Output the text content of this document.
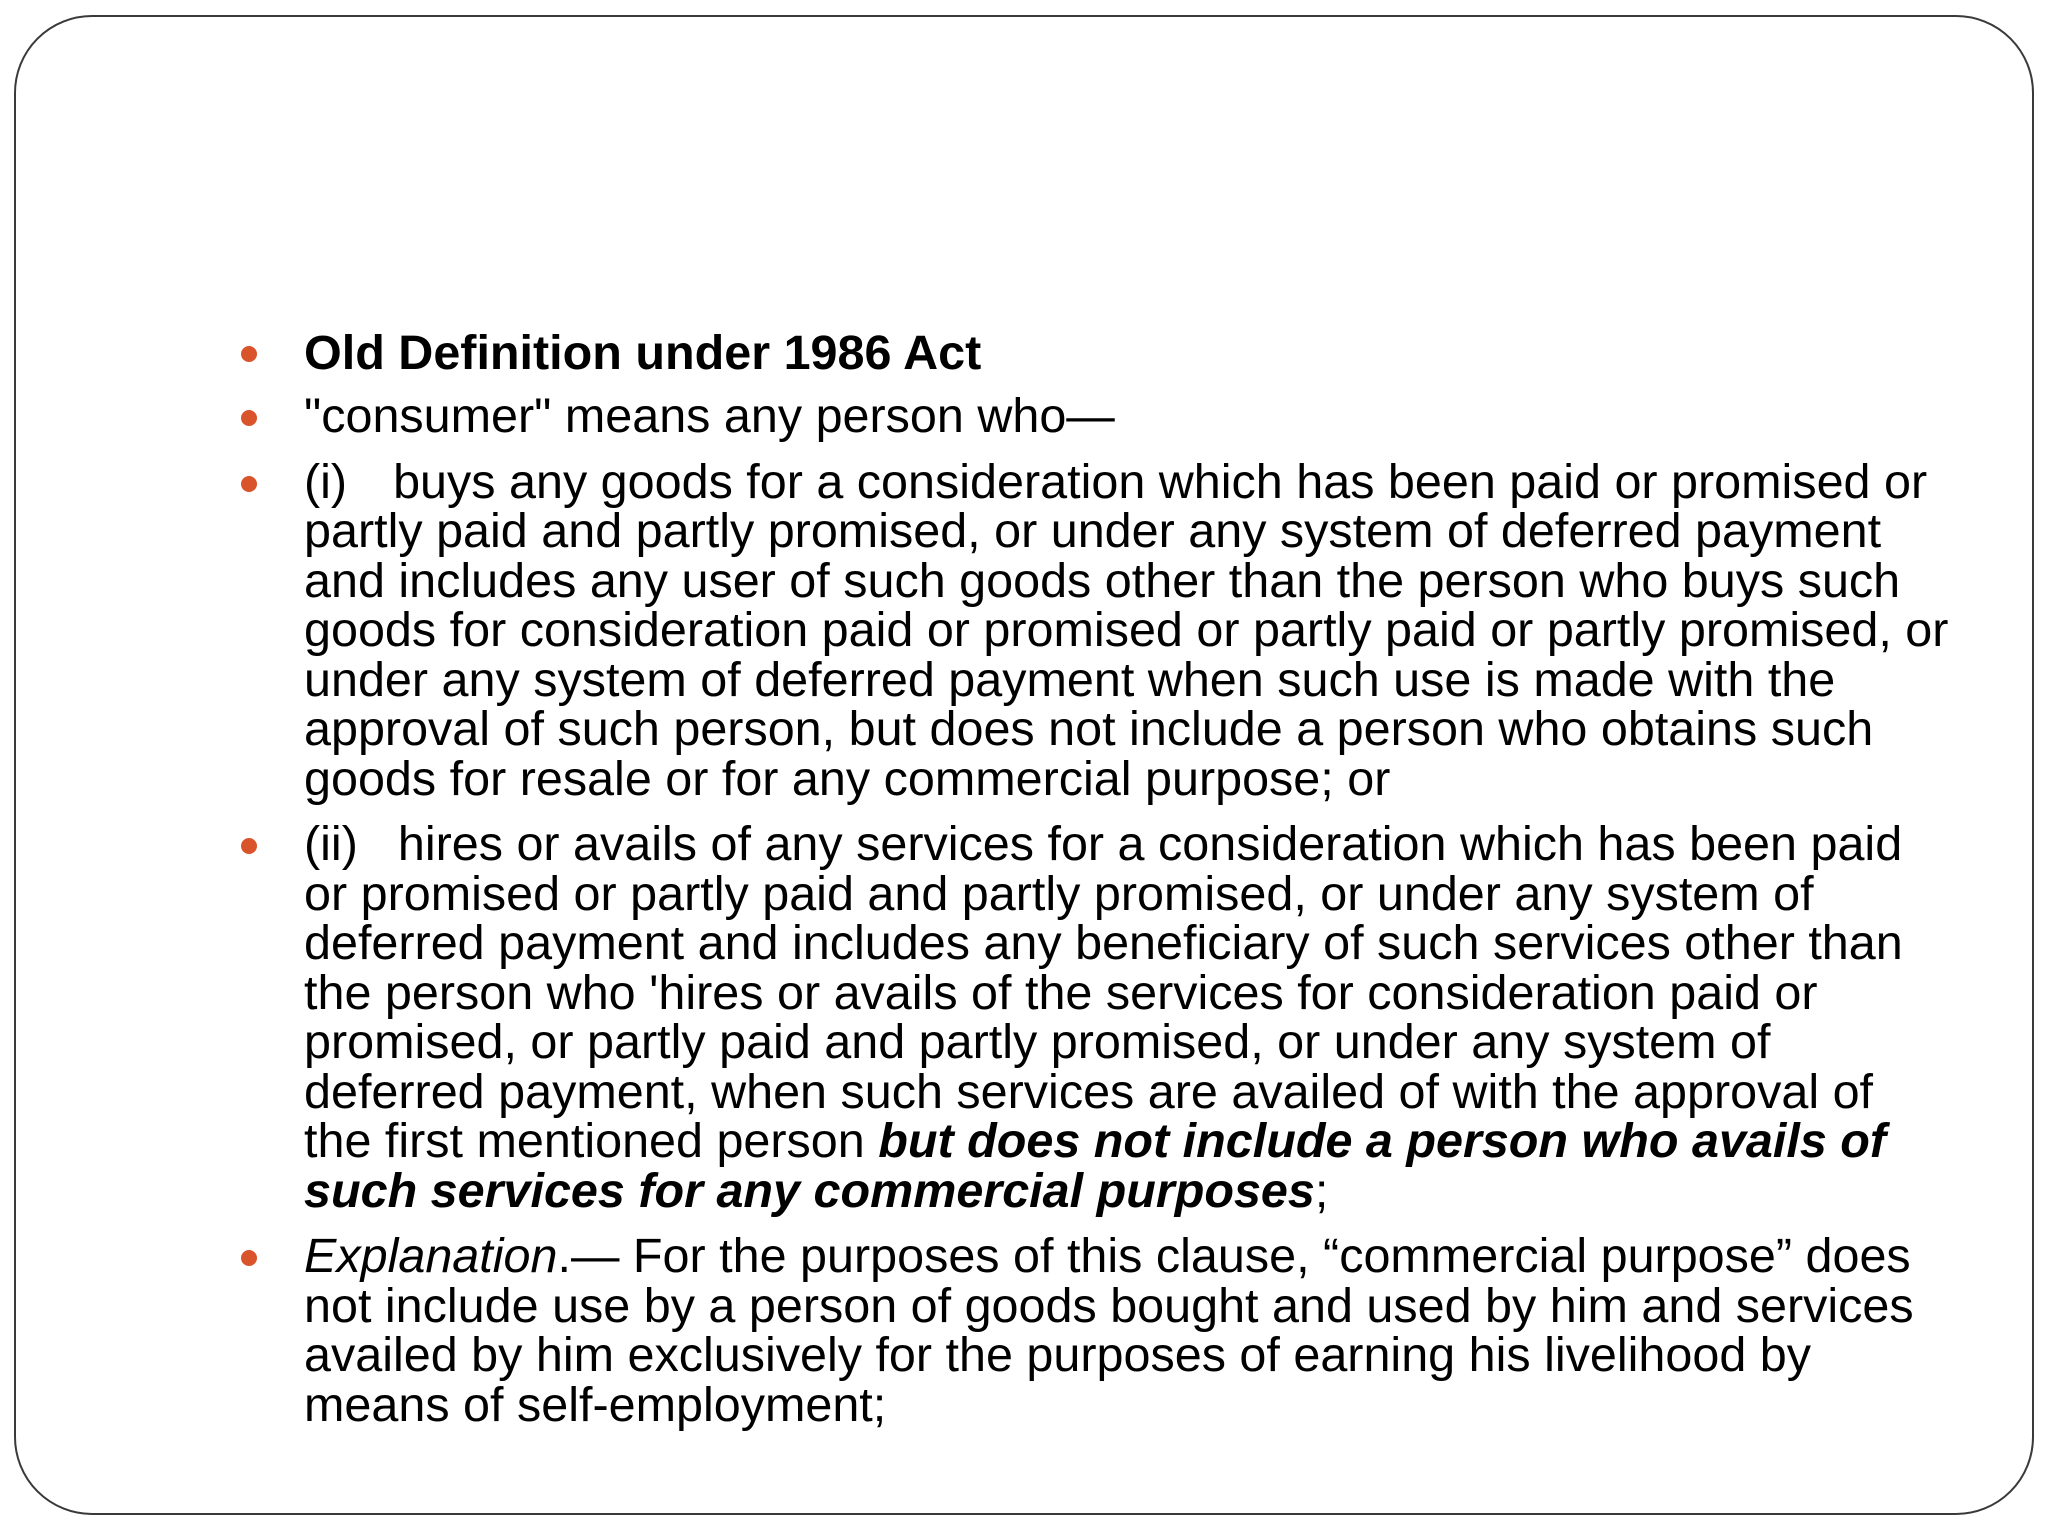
Old Definition under 1986 Act
"consumer" means any person who—
(i) buys any goods for a consideration which has been paid or promised or partly paid and partly promised, or under any system of deferred payment and includes any user of such goods other than the person who buys such goods for consideration paid or promised or partly paid or partly promised, or under any system of deferred payment when such use is made with the approval of such person, but does not include a person who obtains such goods for resale or for any commercial purpose; or
(ii) hires or avails of any services for a consideration which has been paid or promised or partly paid and partly promised, or under any system of deferred payment and includes any beneficiary of such services other than the person who 'hires or avails of the services for consideration paid or promised, or partly paid and partly promised, or under any system of deferred payment, when such services are availed of with the approval of the first mentioned person but does not include a person who avails of such services for any commercial purposes;
Explanation.— For the purposes of this clause, “commercial purpose” does not include use by a person of goods bought and used by him and services availed by him exclusively for the purposes of earning his livelihood by means of self-employment;
